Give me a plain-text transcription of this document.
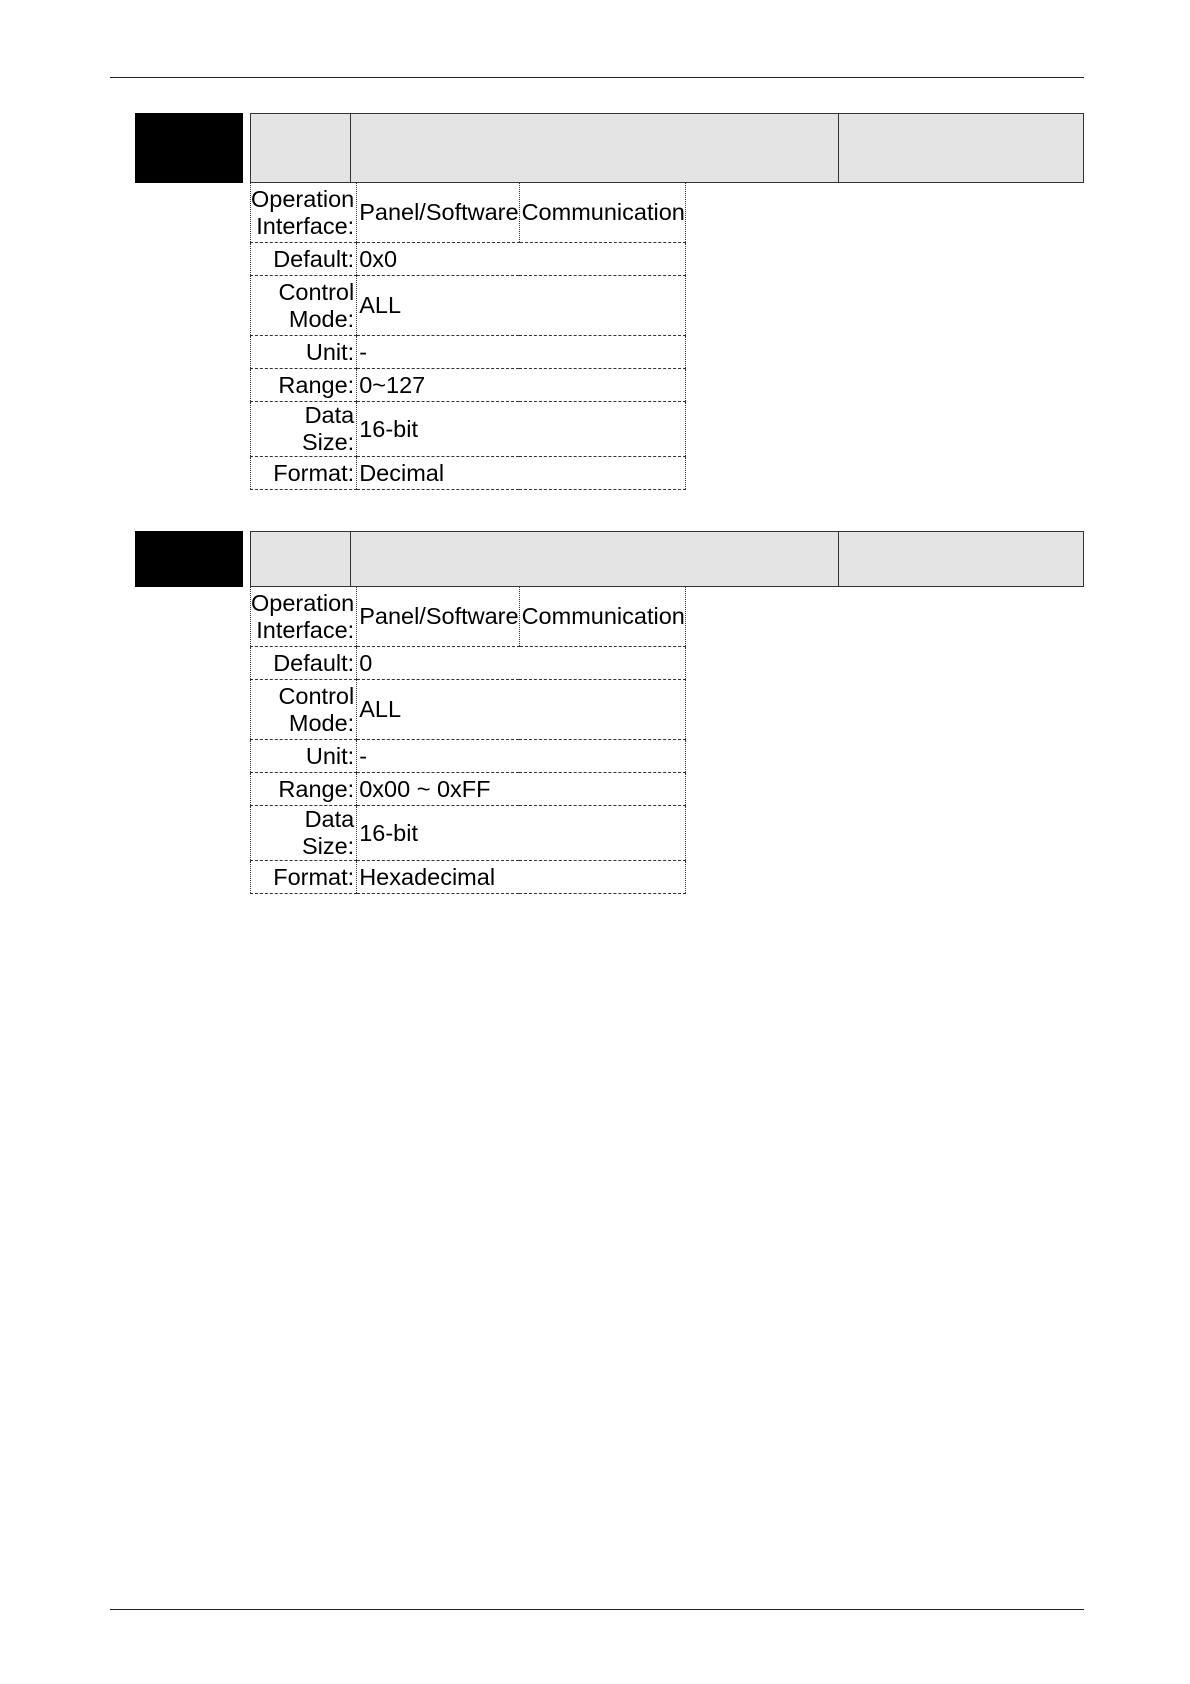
Operation Interface:	Panel/Software	Communication
Default:	0x0	
Control Mode:	ALL	
Unit:	-	
Range:	0~127	
Data Size:	16-bit	
Format:	Decimal	
Operation Interface:	Panel/Software	Communication
Default:	0	
Control Mode:	ALL	
Unit:	-	
Range:	0x00 ~ 0xFF	
Data Size:	16-bit	
Format:	Hexadecimal	
